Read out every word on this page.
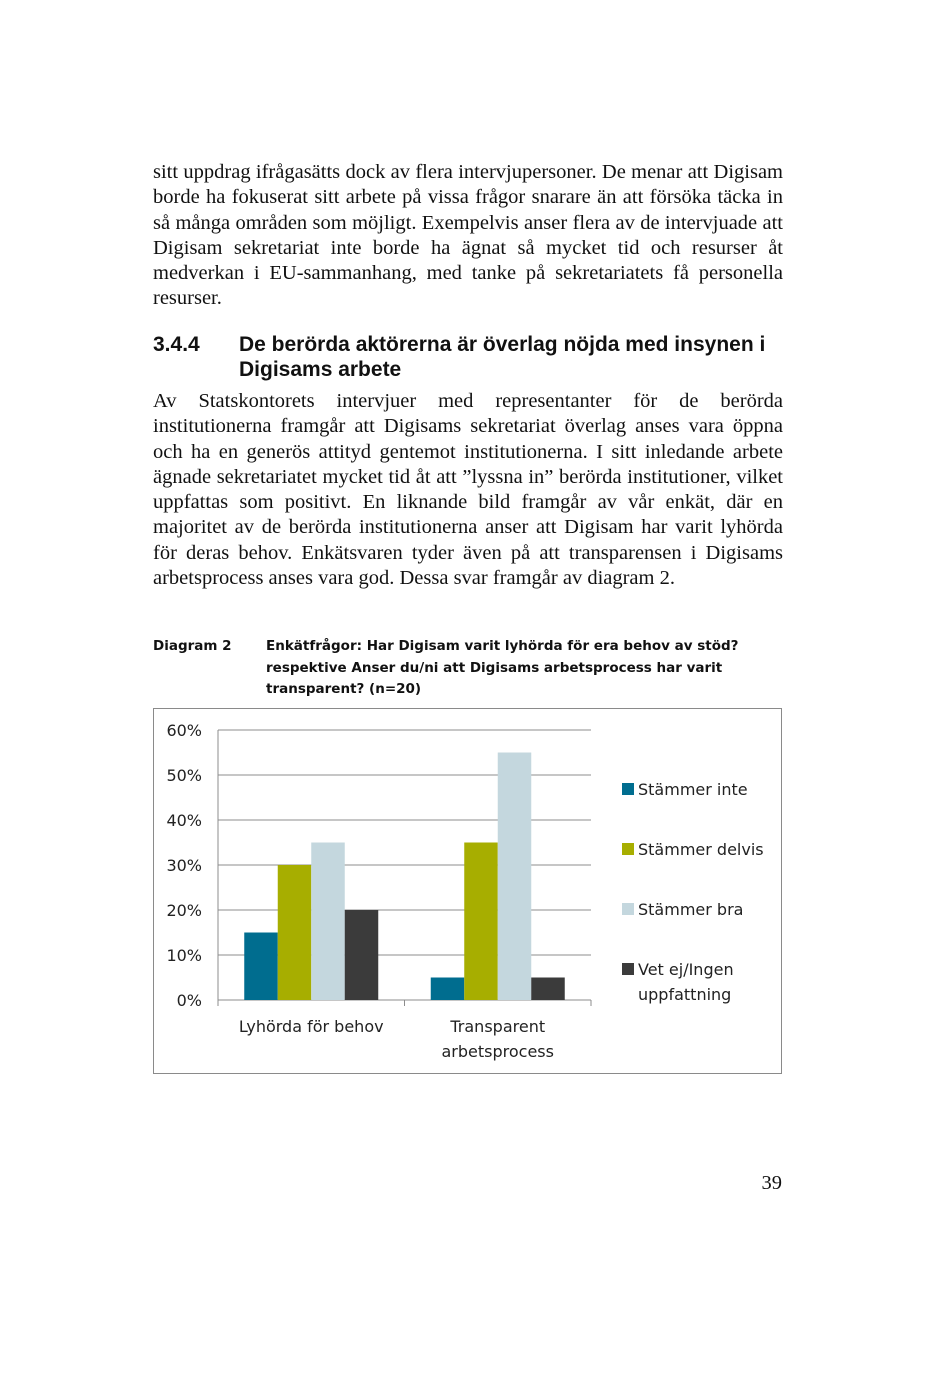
sitt uppdrag ifrågasätts dock av flera intervjupersoner. De menar att Digisam borde ha fokuserat sitt arbete på vissa frågor snarare än att försöka täcka in så många områden som möjligt. Exempelvis anser flera av de intervjuade att Digisam sekretariat inte borde ha ägnat så mycket tid och resurser åt medverkan i EU-sammanhang, med tanke på sekretariatets få personella resurser.

3.4.4 De berörda aktörerna är överlag nöjda med insynen i Digisams arbete

Av Statskontorets intervjuer med representanter för de berörda institutionerna framgår att Digisams sekretariat överlag anses vara öppna och ha en generös attityd gentemot institutionerna. I sitt inledande arbete ägnade sekretariatet mycket tid åt att ”lyssna in” berörda institutioner, vilket uppfattas som positivt. En liknande bild framgår av vår enkät, där en majoritet av de berörda institutionerna anser att Digisam har varit lyhörda för deras behov. Enkätsvaren tyder även på att transparensen i Digisams arbetsprocess anses vara god. Dessa svar framgår av diagram 2.

Diagram 2	Enkätfrågor: Har Digisam varit lyhörda för era behov av stöd? respektive Anser du/ni att Digisams arbetsprocess har varit transparent? (n=20)
0%
10%
20%
30%
40%
50%
60%
Lyhörda för behov	Transparent arbetsprocess
Stämmer inte
Stämmer delvis
Stämmer bra
Vet ej/Ingen uppfattning
39
